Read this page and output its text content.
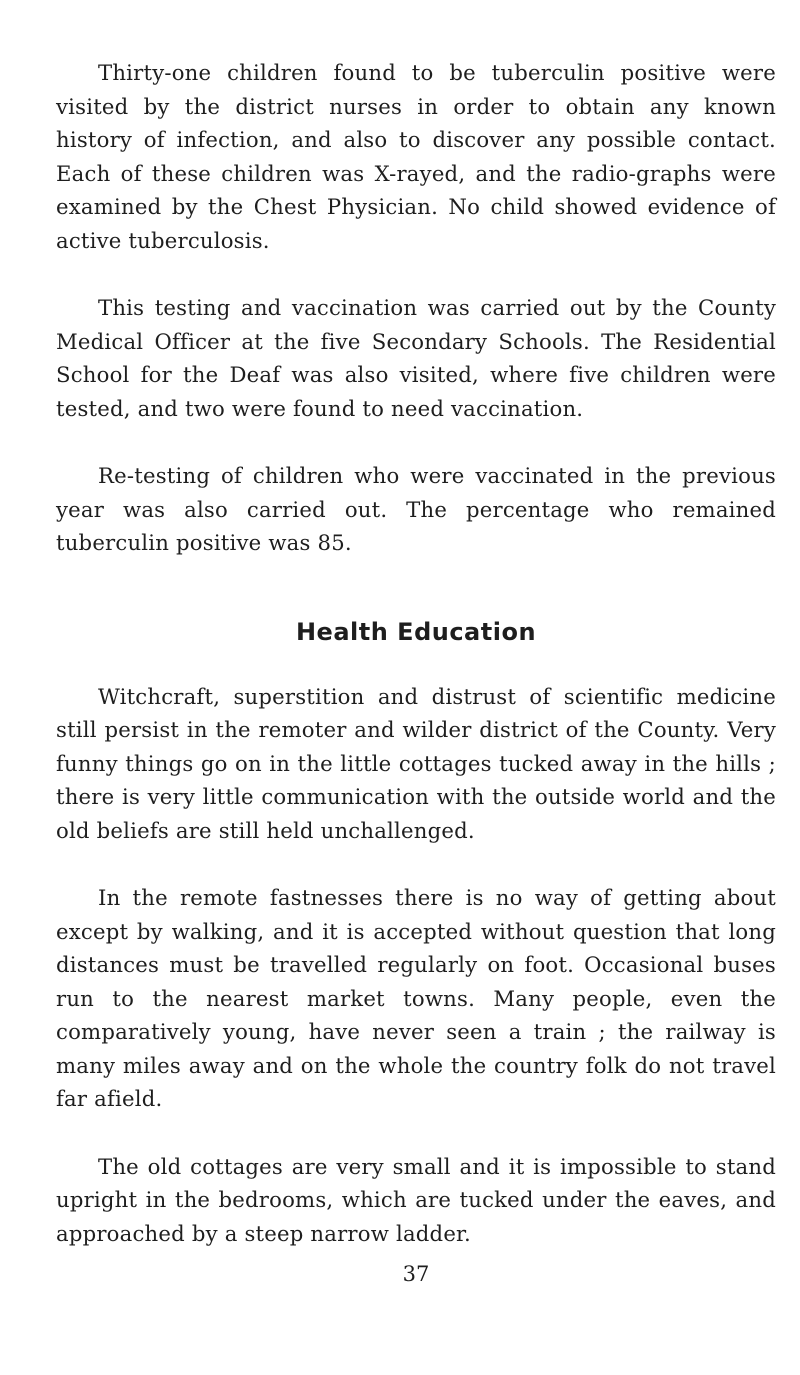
Thirty-one children found to be tuberculin positive were visited by the district nurses in order to obtain any known history of infection, and also to discover any possible contact. Each of these children was X-rayed, and the radio-graphs were examined by the Chest Physician. No child showed evidence of active tuberculosis.

This testing and vaccination was carried out by the County Medical Officer at the five Secondary Schools. The Residential School for the Deaf was also visited, where five children were tested, and two were found to need vaccination.

Re-testing of children who were vaccinated in the previous year was also carried out. The percentage who remained tuberculin positive was 85.

Health Education

Witchcraft, superstition and distrust of scientific medicine still persist in the remoter and wilder district of the County. Very funny things go on in the little cottages tucked away in the hills ; there is very little communication with the outside world and the old beliefs are still held unchallenged.

In the remote fastnesses there is no way of getting about except by walking, and it is accepted without question that long distances must be travelled regularly on foot. Occasional buses run to the nearest market towns. Many people, even the comparatively young, have never seen a train ; the railway is many miles away and on the whole the country folk do not travel far afield.

The old cottages are very small and it is impossible to stand upright in the bedrooms, which are tucked under the eaves, and approached by a steep narrow ladder.

37
